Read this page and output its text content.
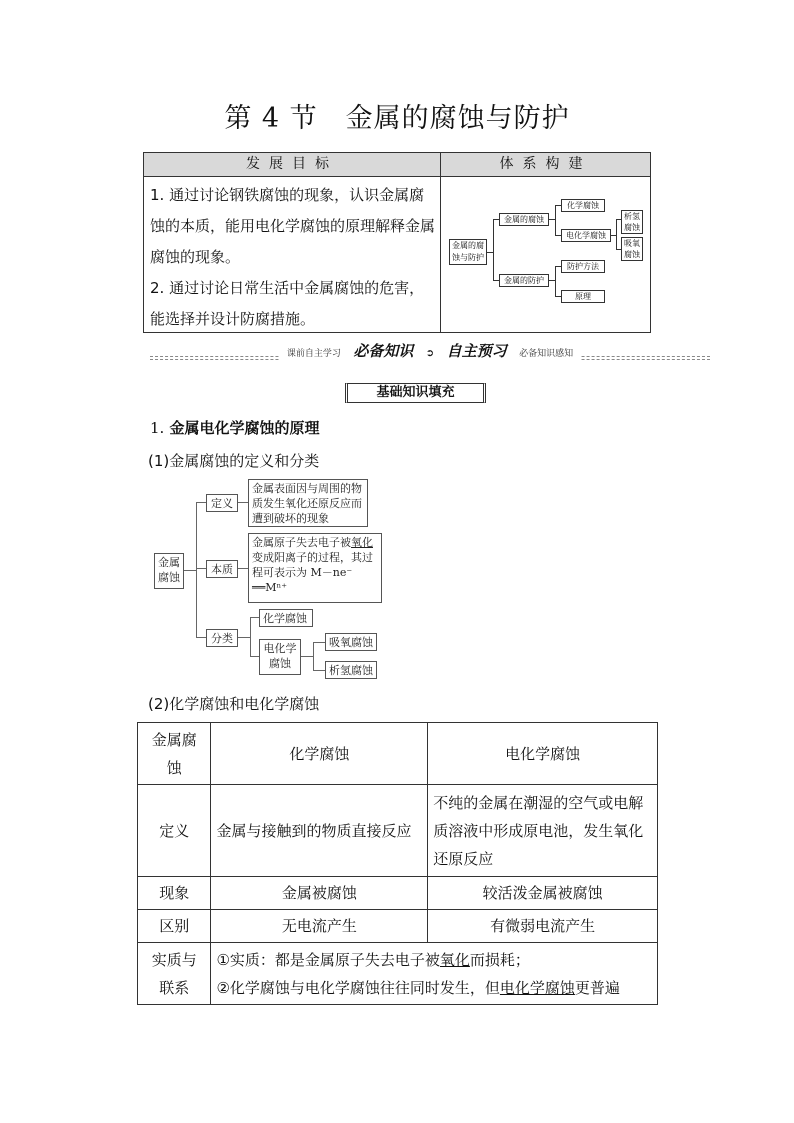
第 4 节 金属的腐蚀与防护
发展目标	体系构建

1. 通过讨论钢铁腐蚀的现象，认识金属腐蚀的本质，能用电化学腐蚀的原理解释金属腐蚀的现象。

2. 通过讨论日常生活中金属腐蚀的危害，能选择并设计防腐措施。

金属的腐蚀与防护
金属的腐蚀
金属的防护
化学腐蚀
电化学腐蚀
析氢腐蚀
吸氧腐蚀
防护方法
原理
课前自主学习 必备知识 ➲ 自主预习 必备知识感知
基础知识填充
1. 金属电化学腐蚀的原理
(1)金属腐蚀的定义和分类
金属腐蚀
定义
金属表面因与周围的物质发生氧化还原反应而遭到破坏的现象
本质
金属原子失去电子被氧化变成阳离子的过程，其过程可表示为 M－ne⁻
══Mⁿ⁺
分类
化学腐蚀
电化学腐蚀
吸氧腐蚀
析氢腐蚀
(2)化学腐蚀和电化学腐蚀
金属腐蚀	化学腐蚀	电化学腐蚀
定义	金属与接触到的物质直接反应	不纯的金属在潮湿的空气或电解质溶液中形成原电池，发生氧化还原反应
现象	金属被腐蚀	较活泼金属被腐蚀
区别	无电流产生	有微弱电流产生
实质与联系	①实质：都是金属原子失去电子被氧化而损耗；
②化学腐蚀与电化学腐蚀往往同时发生，但电化学腐蚀更普遍	
